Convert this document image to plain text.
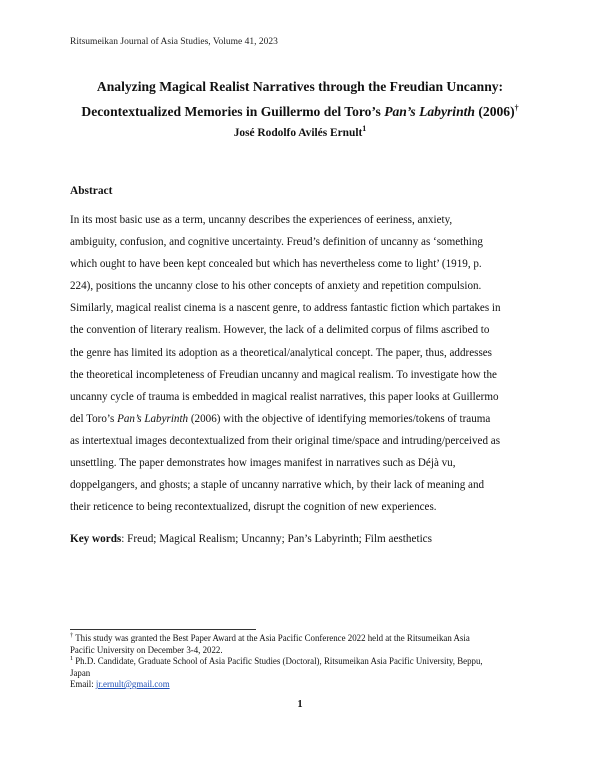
Ritsumeikan Journal of Asia Studies, Volume 41, 2023
Analyzing Magical Realist Narratives through the Freudian Uncanny:
Decontextualized Memories in Guillermo del Toro’s Pan’s Labyrinth (2006)†
José Rodolfo Avilés Ernult$^1$
Abstract
In its most basic use as a term, uncanny describes the experiences of eeriness, anxiety,
ambiguity, confusion, and cognitive uncertainty. Freud’s definition of uncanny as ‘something
which ought to have been kept concealed but which has nevertheless come to light’ (1919, p.
224), positions the uncanny close to his other concepts of anxiety and repetition compulsion.
Similarly, magical realist cinema is a nascent genre, to address fantastic fiction which partakes in
the convention of literary realism. However, the lack of a delimited corpus of films ascribed to
the genre has limited its adoption as a theoretical/analytical concept. The paper, thus, addresses
the theoretical incompleteness of Freudian uncanny and magical realism. To investigate how the
uncanny cycle of trauma is embedded in magical realist narratives, this paper looks at Guillermo
del Toro’s Pan’s Labyrinth (2006) with the objective of identifying memories/tokens of trauma
as intertextual images decontextualized from their original time/space and intruding/perceived as
unsettling. The paper demonstrates how images manifest in narratives such as Déjà vu,
doppelgangers, and ghosts; a staple of uncanny narrative which, by their lack of meaning and
their reticence to being recontextualized, disrupt the cognition of new experiences.
Key words: Freud; Magical Realism; Uncanny; Pan’s Labyrinth; Film aesthetics
† This study was granted the Best Paper Award at the Asia Pacific Conference 2022 held at the Ritsumeikan Asia
Pacific University on December 3-4, 2022.
$^1$ Ph.D. Candidate, Graduate School of Asia Pacific Studies (Doctoral), Ritsumeikan Asia Pacific University, Beppu,
Japan
Email: jr.ernult@gmail.com
1
